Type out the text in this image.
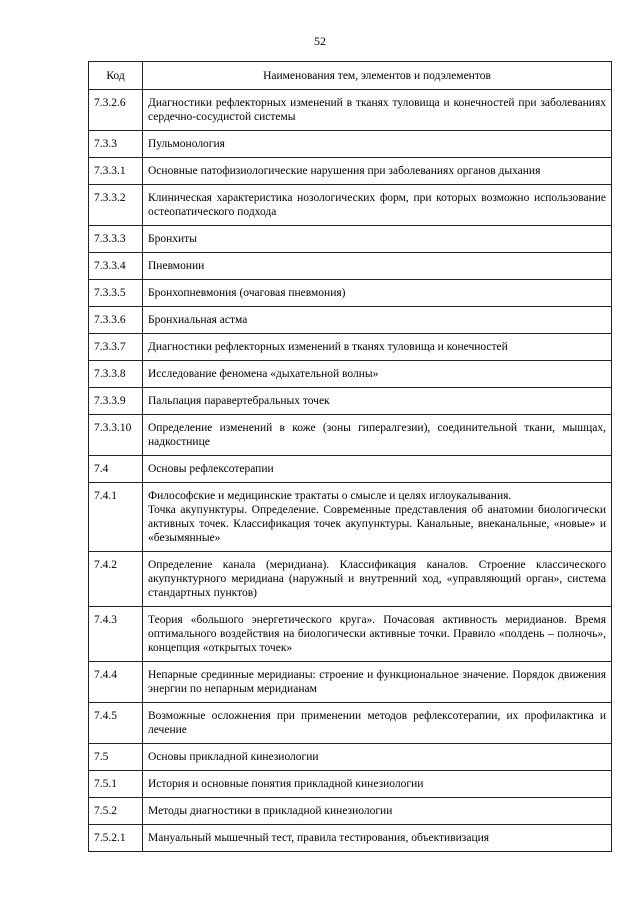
52
Код	Наименования тем, элементов и подэлементов
7.3.2.6	Диагностики рефлекторных изменений в тканях туловища и конечностей при заболеваниях сердечно-сосудистой системы
7.3.3	Пульмонология
7.3.3.1	Основные патофизиологические нарушения при заболеваниях органов дыхания
7.3.3.2	Клиническая характеристика нозологических форм, при которых возможно использование остеопатического подхода
7.3.3.3	Бронхиты
7.3.3.4	Пневмонии
7.3.3.5	Бронхопневмония (очаговая пневмония)
7.3.3.6	Бронхиальная астма
7.3.3.7	Диагностики рефлекторных изменений в тканях туловища и конечностей
7.3.3.8	Исследование феномена «дыхательной волны»
7.3.3.9	Пальпация паравертебральных точек
7.3.3.10	Определение изменений в коже (зоны гипералгезии), соединительной ткани, мышцах, надкостнице
7.4	Основы рефлексотерапии
7.4.1	Философские и медицинские трактаты о смысле и целях иглоукалывания.
Точка акупунктуры. Определение. Современные представления об анатомии биологически активных точек. Классификация точек акупунктуры. Канальные, внеканальные, «новые» и «безымянные»

7.4.2	Определение канала (меридиана). Классификация каналов. Строение классического акупунктурного меридиана (наружный и внутренний ход, «управляющий орган», система стандартных пунктов)
7.4.3	Теория «большого энергетического круга». Почасовая активность меридианов. Время оптимального воздействия на биологически активные точки. Правило «полдень – полночь», концепция «открытых точек»
7.4.4	Непарные срединные меридианы: строение и функциональное значение. Порядок движения энергии по непарным меридианам
7.4.5	Возможные осложнения при применении методов рефлексотерапии, их профилактика и лечение
7.5	Основы прикладной кинезиологии
7.5.1	История и основные понятия прикладной кинезиологии
7.5.2	Методы диагностики в прикладной кинезиологии
7.5.2.1	Мануальный мышечный тест, правила тестирования, объективизация
